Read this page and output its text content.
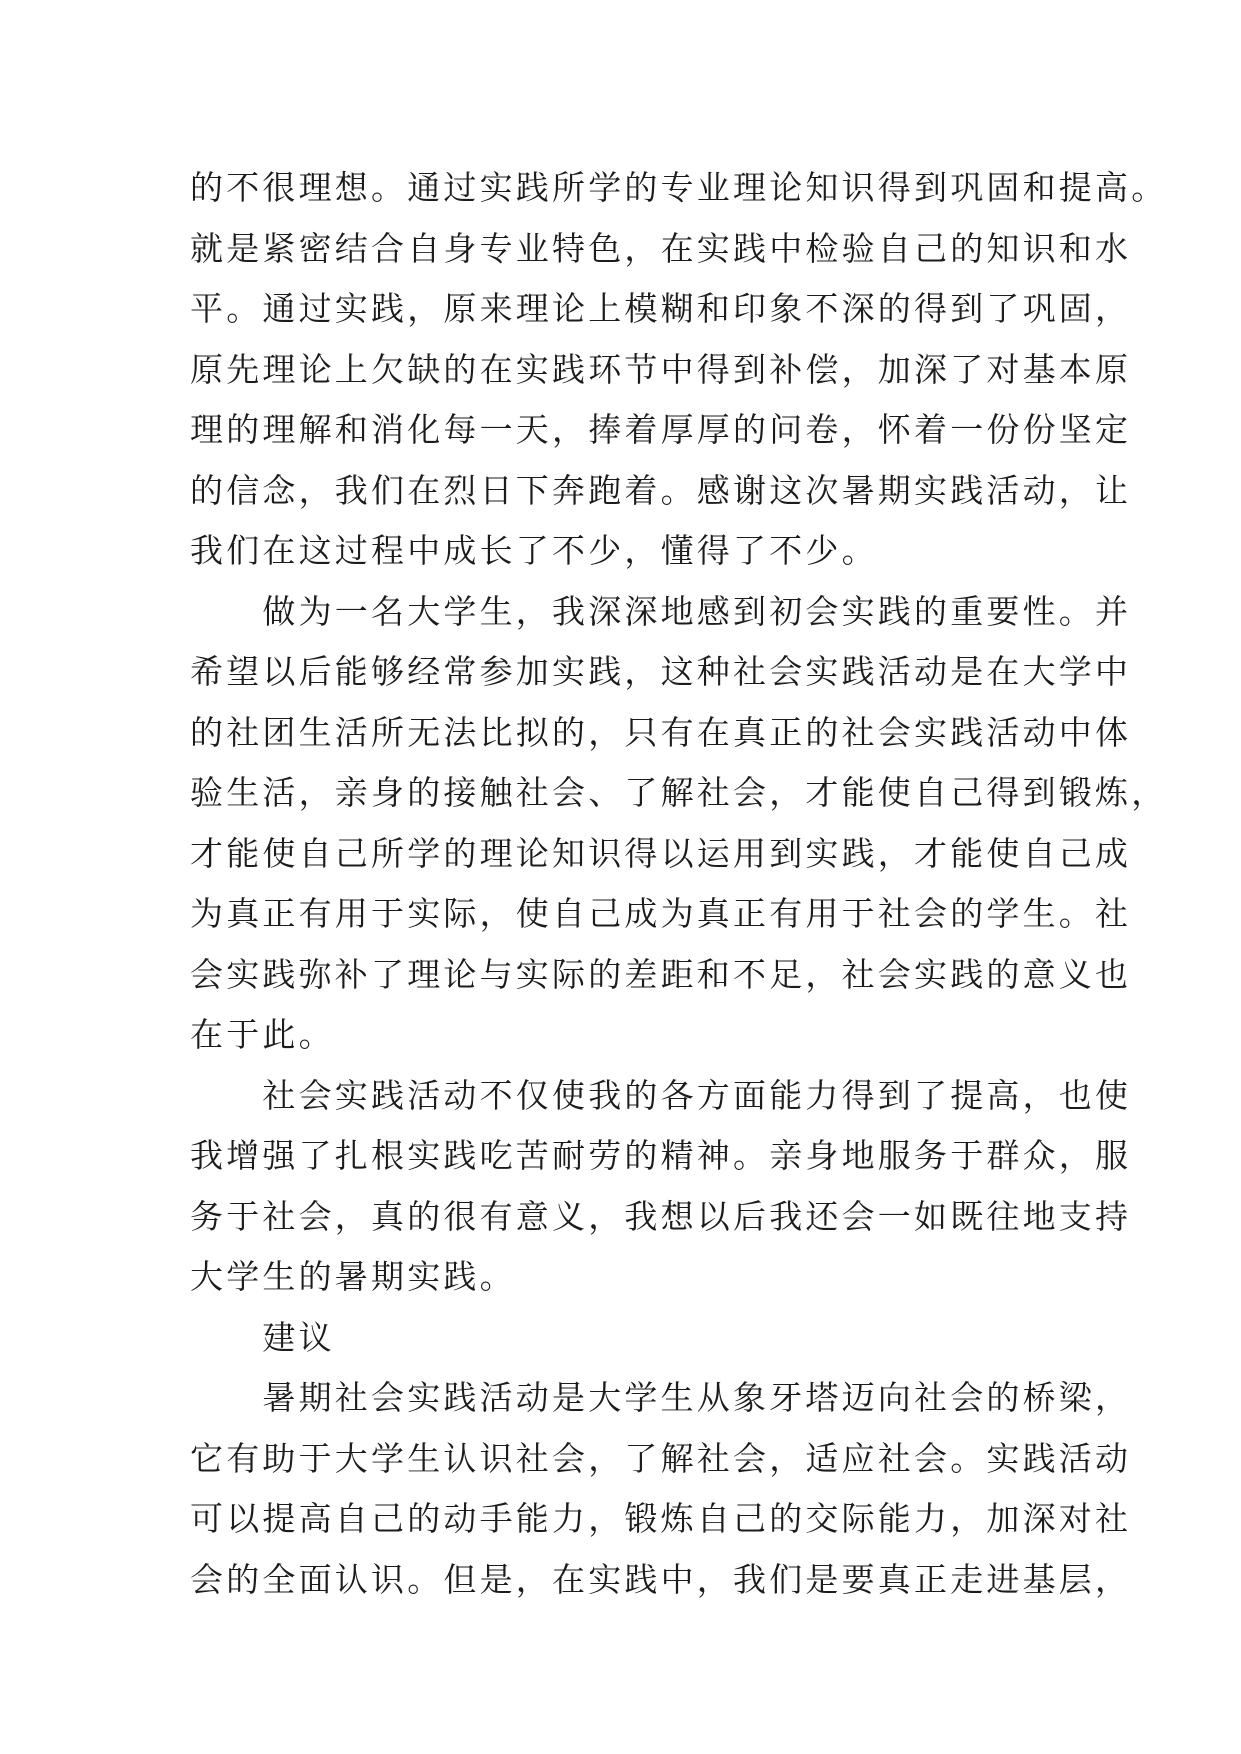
的不很理想。通过实践所学的专业理论知识得到巩固和提高。
就是紧密结合自身专业特色，在实践中检验自己的知识和水
平。通过实践，原来理论上模糊和印象不深的得到了巩固，
原先理论上欠缺的在实践环节中得到补偿，加深了对基本原
理的理解和消化每一天，捧着厚厚的问卷，怀着一份份坚定
的信念，我们在烈日下奔跑着。感谢这次暑期实践活动，让
我们在这过程中成长了不少，懂得了不少。
　　做为一名大学生，我深深地感到初会实践的重要性。并
希望以后能够经常参加实践，这种社会实践活动是在大学中
的社团生活所无法比拟的，只有在真正的社会实践活动中体
验生活，亲身的接触社会、了解社会，才能使自己得到锻炼，
才能使自己所学的理论知识得以运用到实践，才能使自己成
为真正有用于实际，使自己成为真正有用于社会的学生。社
会实践弥补了理论与实际的差距和不足，社会实践的意义也
在于此。
　　社会实践活动不仅使我的各方面能力得到了提高，也使
我增强了扎根实践吃苦耐劳的精神。亲身地服务于群众，服
务于社会，真的很有意义，我想以后我还会一如既往地支持
大学生的暑期实践。
　　建议
　　暑期社会实践活动是大学生从象牙塔迈向社会的桥梁，
它有助于大学生认识社会，了解社会，适应社会。实践活动
可以提高自己的动手能力，锻炼自己的交际能力，加深对社
会的全面认识。但是，在实践中，我们是要真正走进基层，
